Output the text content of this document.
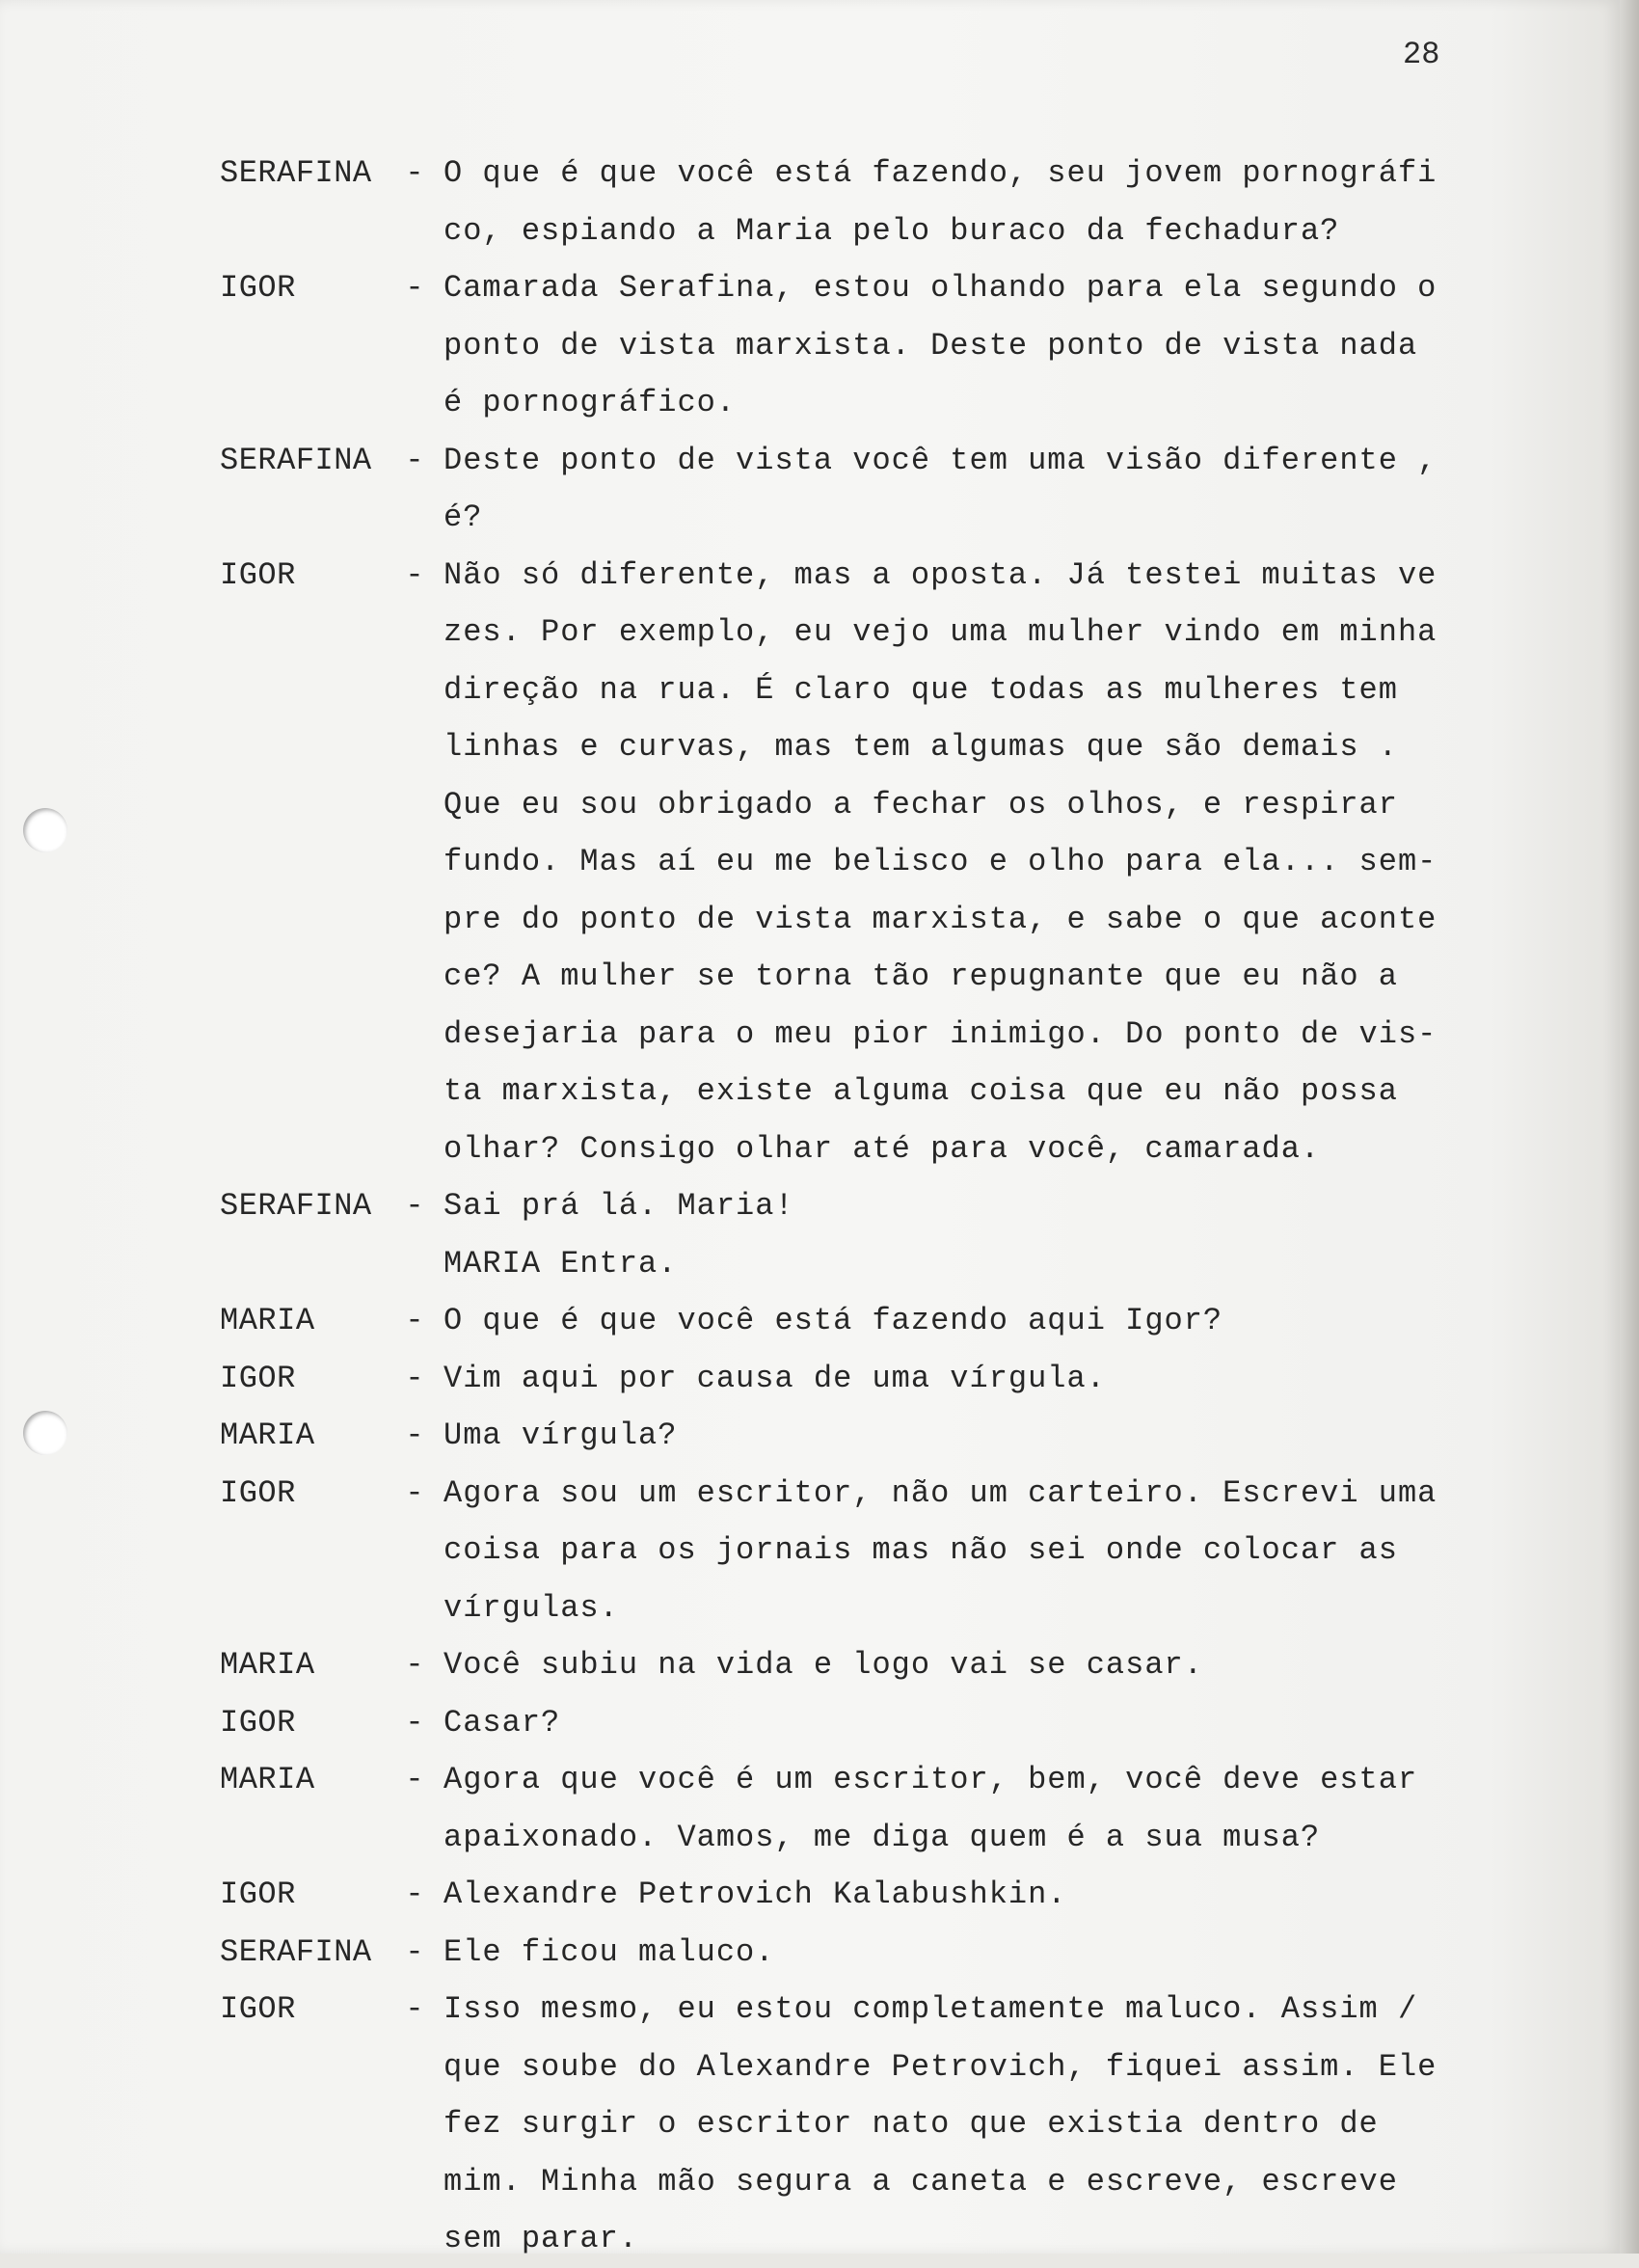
28
SERAFINA	- O que é que você está fazendo, seu jovem pornográfi
co, espiando a Maria pelo buraco da fechadura?
IGOR	- Camarada Serafina, estou olhando para ela segundo o
ponto de vista marxista. Deste ponto de vista nada
é pornográfico.
SERAFINA	- Deste ponto de vista você tem uma visão diferente ,
é?
IGOR	- Não só diferente, mas a oposta. Já testei muitas ve
zes. Por exemplo, eu vejo uma mulher vindo em minha
direção na rua. É claro que todas as mulheres tem
linhas e curvas, mas tem algumas que são demais .
Que eu sou obrigado a fechar os olhos, e respirar
fundo. Mas aí eu me belisco e olho para ela... sem-
pre do ponto de vista marxista, e sabe o que aconte
ce? A mulher se torna tão repugnante que eu não a
desejaria para o meu pior inimigo. Do ponto de vis-
ta marxista, existe alguma coisa que eu não possa
olhar? Consigo olhar até para você, camarada.
SERAFINA	- Sai prá lá. Maria!
MARIA Entra.
MARIA	- O que é que você está fazendo aqui Igor?
IGOR	- Vim aqui por causa de uma vírgula.
MARIA	- Uma vírgula?
IGOR	- Agora sou um escritor, não um carteiro. Escrevi uma
coisa para os jornais mas não sei onde colocar as
vírgulas.
MARIA	- Você subiu na vida e logo vai se casar.
IGOR	- Casar?
MARIA	- Agora que você é um escritor, bem, você deve estar
apaixonado. Vamos, me diga quem é a sua musa?
IGOR	- Alexandre Petrovich Kalabushkin.
SERAFINA	- Ele ficou maluco.
IGOR	- Isso mesmo, eu estou completamente maluco. Assim /
que soube do Alexandre Petrovich, fiquei assim. Ele
fez surgir o escritor nato que existia dentro de
mim. Minha mão segura a caneta e escreve, escreve
sem parar.
